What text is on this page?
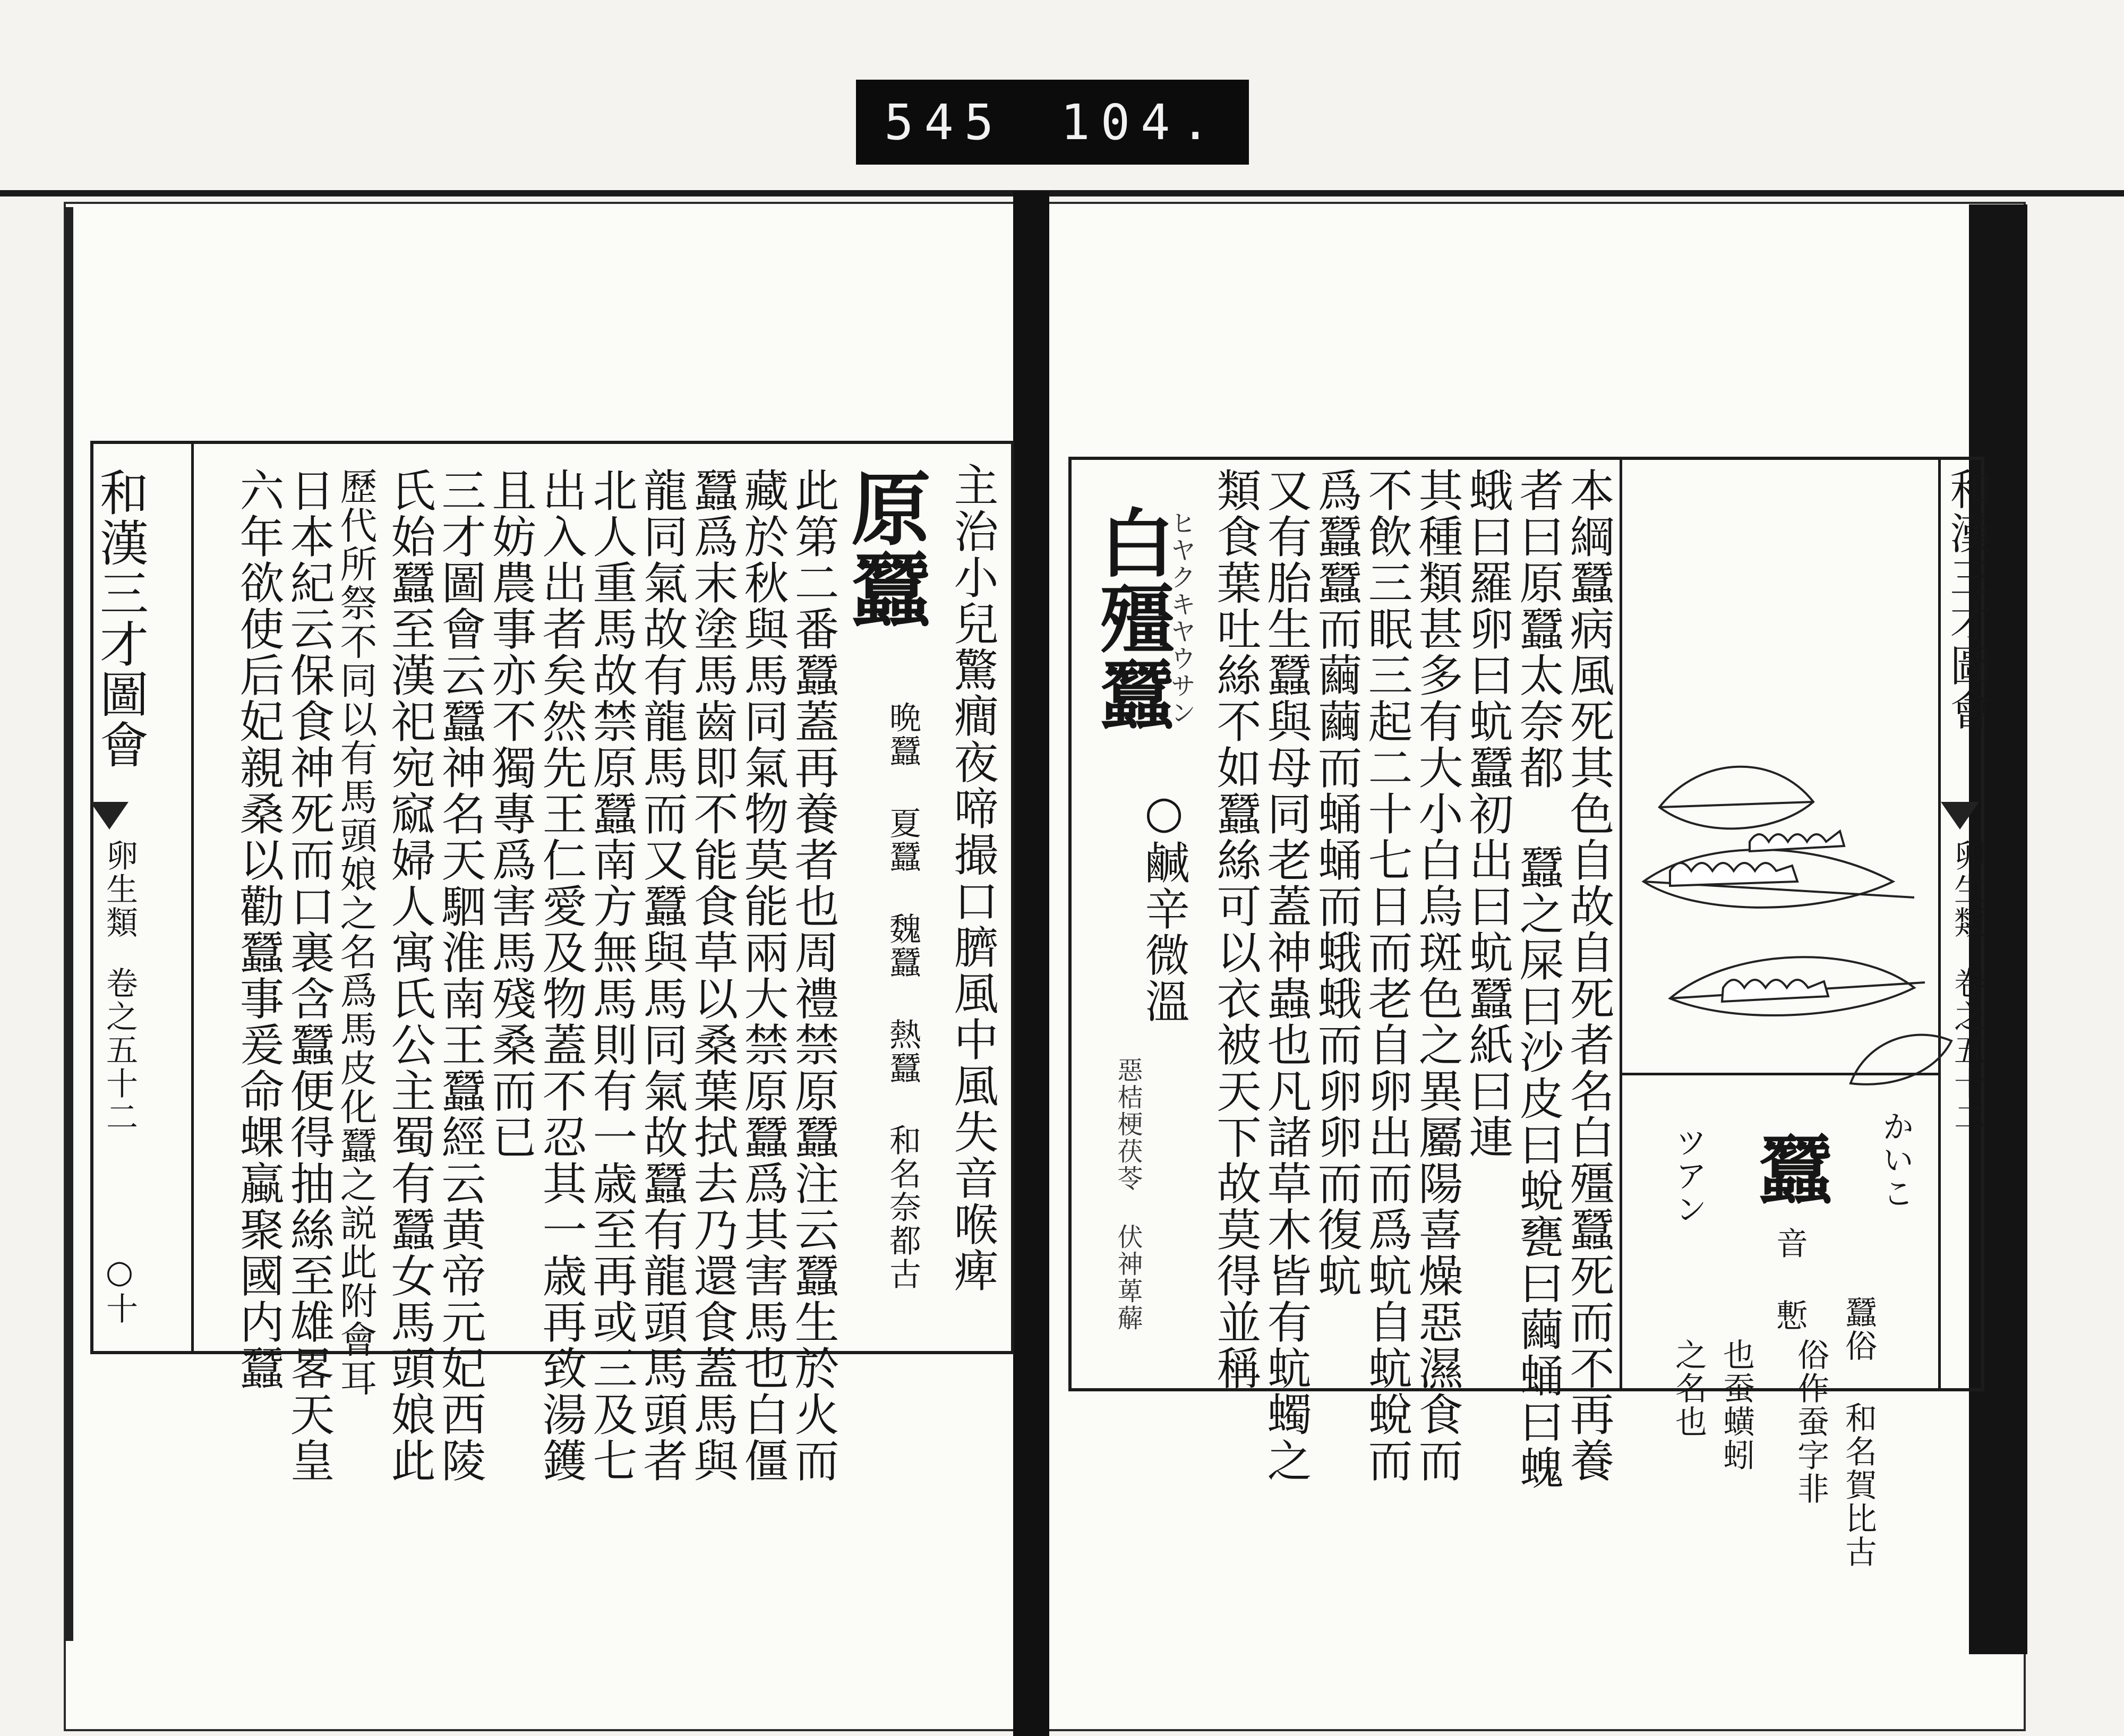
545 104.
和漢三才圖會
卵生類
卷之五十二
○十	主治小兒驚癎夜啼撮口臍風中風失音喉痺
原蠶
晩蠶 夏蠶 魏蠶 熱蠶 和名奈都古
此第二番蠶蓋再養者也周禮禁原蠶注云蠶生於火而
藏於秋與馬同氣物莫能兩大禁原蠶爲其害馬也白僵
蠶爲末塗馬齒即不能食草以桑葉拭去乃還食蓋馬與
龍同氣故有龍馬而又蠶與馬同氣故蠶有龍頭馬頭者
北人重馬故禁原蠶南方無馬則有一歳至再或三及七
出入出者矣然先王仁愛及物蓋不忍其一歳再致湯鑊
且妨農事亦不獨專爲害馬殘桑而已
三才圖會云蠶神名天駟淮南王蠶經云黄帝元妃西陵
氏始蠶至漢祀宛窳婦人寓氏公主蜀有蠶女馬頭娘此
歷代所祭不同以有馬頭娘之名爲馬皮化蠶之説此附會耳
日本紀云保食神死而口裏含蠶便得抽絲至雄畧天皇
六年欲使后妃親桑以勸蠶事爰命蜾蠃聚國内蠶	和漢三才圖會
卵生類
卷之五十二
蠶 かいこ
ツアン
音 慙
蠶俗 和名賀比古
俗作蚕字非
也蚕蟥蚓
之名也
本綱蠶病風死其色自故自死者名白殭蠶死而不再養
者曰原蠶太奈都 蠶之屎曰沙皮曰蛻甕曰繭蛹曰螝
蛾曰羅卵曰蚢蠶初出曰蚢蠶紙曰連
其種類甚多有大小白烏斑色之異屬陽喜燥惡濕食而
不飲三眠三起二十七日而老自卵出而爲蚢自蚢蛻而
爲蠶蠶而繭繭而蛹蛹而蛾蛾而卵卵而復蚢
又有胎生蠶與母同老蓋神蟲也凡諸草木皆有蚢蠋之
類食葉吐絲不如蠶絲可以衣被天下故莫得並稱
白殭蠶
ヒヤクキヤウサン
○鹹辛微溫
惡桔梗茯苓 伏神萆薢
